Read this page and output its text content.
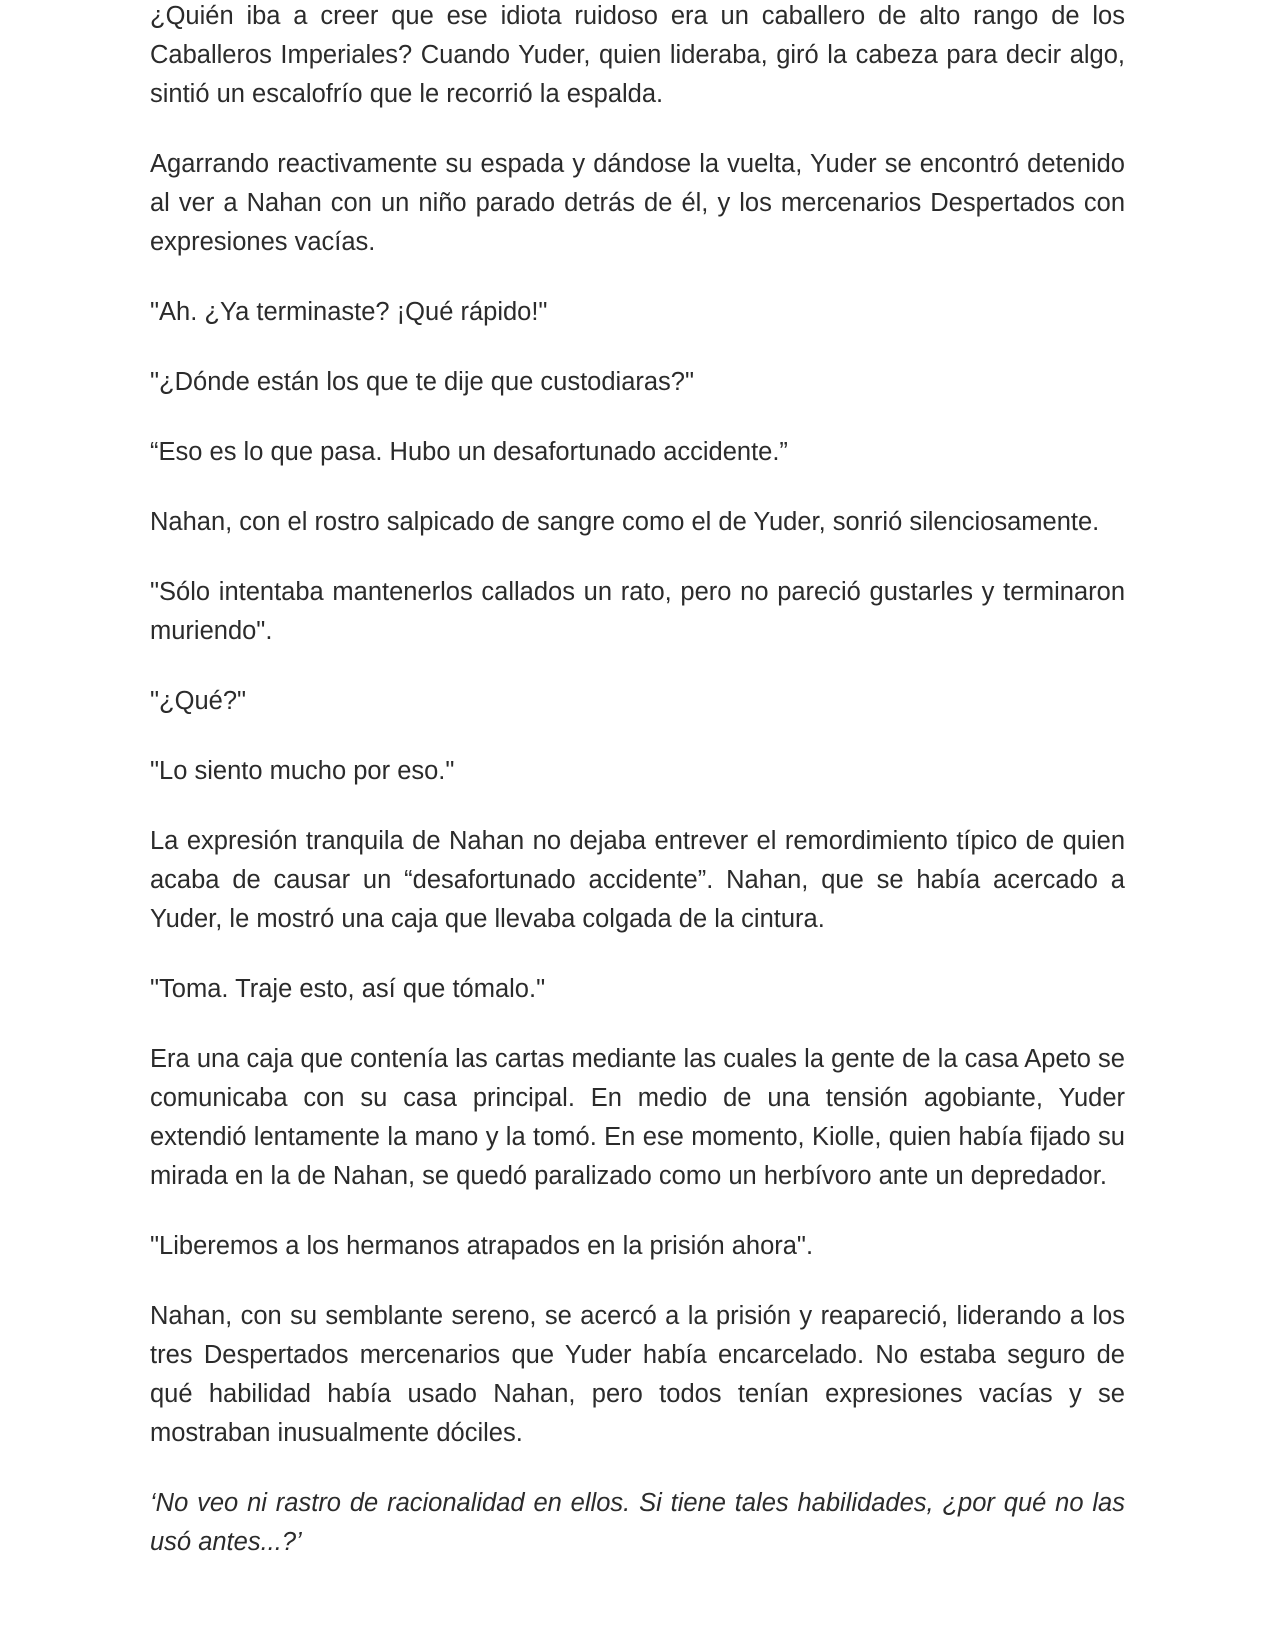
¿Quién iba a creer que ese idiota ruidoso era un caballero de alto rango de los Caballeros Imperiales? Cuando Yuder, quien lideraba, giró la cabeza para decir algo, sintió un escalofrío que le recorrió la espalda.

Agarrando reactivamente su espada y dándose la vuelta, Yuder se encontró detenido al ver a Nahan con un niño parado detrás de él, y los mercenarios Despertados con expresiones vacías.

"Ah. ¿Ya terminaste? ¡Qué rápido!"

"¿Dónde están los que te dije que custodiaras?"

“Eso es lo que pasa. Hubo un desafortunado accidente.”

Nahan, con el rostro salpicado de sangre como el de Yuder, sonrió silenciosamente.

"Sólo intentaba mantenerlos callados un rato, pero no pareció gustarles y terminaron muriendo".

"¿Qué?"

"Lo siento mucho por eso."

La expresión tranquila de Nahan no dejaba entrever el remordimiento típico de quien acaba de causar un “desafortunado accidente”. Nahan, que se había acercado a Yuder, le mostró una caja que llevaba colgada de la cintura.

"Toma. Traje esto, así que tómalo."

Era una caja que contenía las cartas mediante las cuales la gente de la casa Apeto se comunicaba con su casa principal. En medio de una tensión agobiante, Yuder extendió lentamente la mano y la tomó. En ese momento, Kiolle, quien había fijado su mirada en la de Nahan, se quedó paralizado como un herbívoro ante un depredador.

"Liberemos a los hermanos atrapados en la prisión ahora".

Nahan, con su semblante sereno, se acercó a la prisión y reapareció, liderando a los tres Despertados mercenarios que Yuder había encarcelado. No estaba seguro de qué habilidad había usado Nahan, pero todos tenían expresiones vacías y se mostraban inusualmente dóciles.

‘No veo ni rastro de racionalidad en ellos. Si tiene tales habilidades, ¿por qué no las usó antes...?’
